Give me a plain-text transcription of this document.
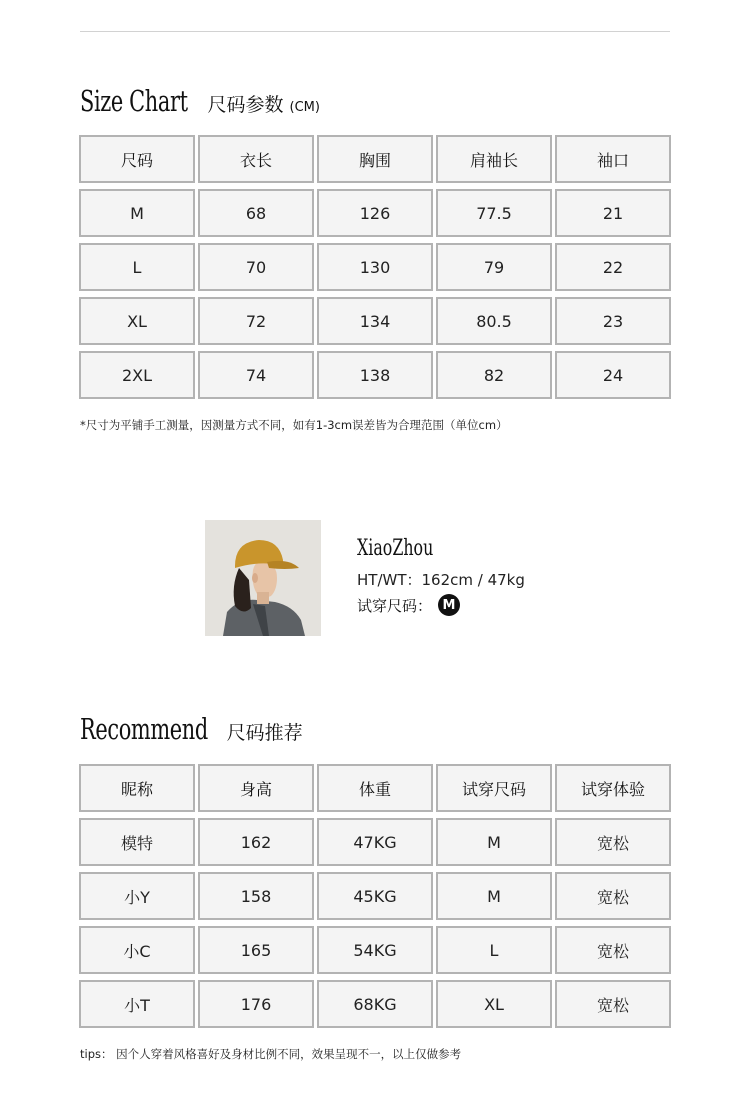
Size Chart 尺码参数 (CM)
尺码	衣长	胸围	肩袖长	袖口
M	68	126	77.5	21
L	70	130	79	22
XL	72	134	80.5	23
2XL	74	138	82	24
*尺寸为平铺手工测量，因测量方式不同，如有1-3cm误差皆为合理范围（单位cm）
XiaoZhou
HT/WT：162cm / 47kg
试穿尺码： M
Recommend 尺码推荐
昵称	身高	体重	试穿尺码	试穿体验
模特	162	47KG	M	宽松
小Y	158	45KG	M	宽松
小C	165	54KG	L	宽松
小T	176	68KG	XL	宽松
tips： 因个人穿着风格喜好及身材比例不同，效果呈现不一，以上仅做参考
